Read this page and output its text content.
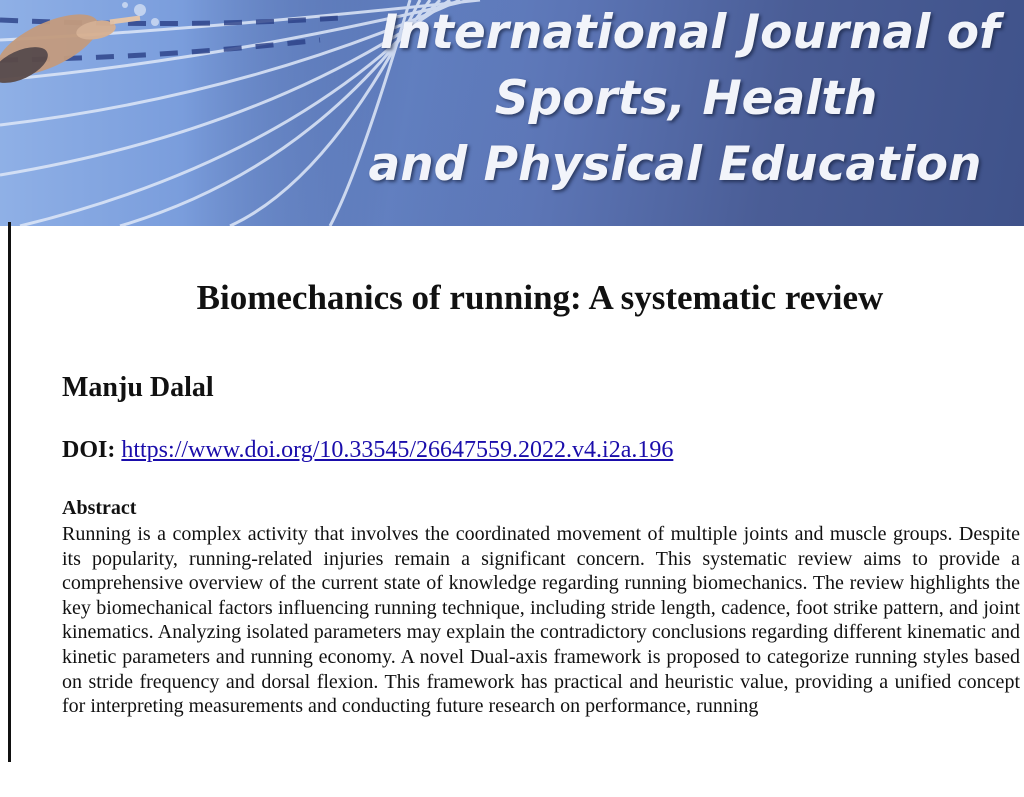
International Journal of
Sports, Health
and Physical Education
Biomechanics of running: A systematic review
Manju Dalal
DOI: https://www.doi.org/10.33545/26647559.2022.v4.i2a.196
Abstract
Running is a complex activity that involves the coordinated movement of multiple joints and muscle groups. Despite its popularity, running-related injuries remain a significant concern. This systematic review aims to provide a comprehensive overview of the current state of knowledge regarding running biomechanics. The review highlights the key biomechanical factors influencing running technique, including stride length, cadence, foot strike pattern, and joint kinematics. Analyzing isolated parameters may explain the contradictory conclusions regarding different kinematic and kinetic parameters and running economy. A novel Dual-axis framework is proposed to categorize running styles based on stride frequency and dorsal flexion. This framework has practical and heuristic value, providing a unified concept for interpreting measurements and conducting future research on performance, running
